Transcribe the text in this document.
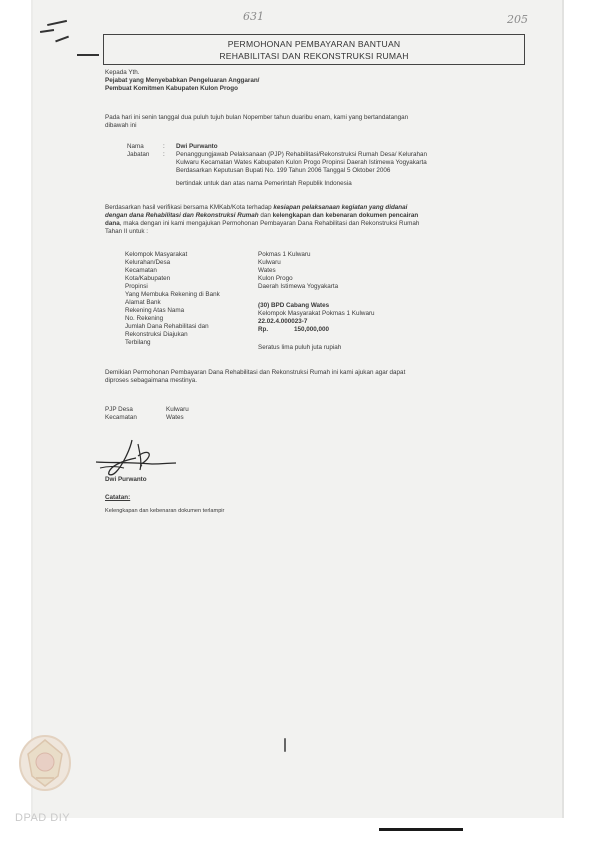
631	205
PERMOHONAN PEMBAYARAN BANTUAN
REHABILITASI DAN REKONSTRUKSI RUMAH
Kepada Yth.
Pejabat yang Menyebabkan Pengeluaran Anggaran/
Pembuat Komitmen Kabupaten Kulon Progo
Pada hari ini senin tanggal dua puluh tujuh bulan Nopember tahun duaribu enam, kami yang bertandatangan
dibawah ini
Nama	: Dwi Purwanto
Jabatan : Penanggungjawab Pelaksanaan (PJP) Rehabilitasi/Rekonstruksi Rumah Desa/ Kelurahan
Kulwaru Kecamatan Wates Kabupaten Kulon Progo Propinsi Daerah Istimewa Yogyakarta
Berdasarkan Keputusan Bupati No. 199 Tahun 2006 Tanggal 5 Oktober 2006
bertindak untuk dan atas nama Pemerintah Republik Indonesia
Berdasarkan hasil verifikasi bersama KMKab/Kota terhadap kesiapan pelaksanaan kegiatan yang didanai
dengan dana Rehabilitasi dan Rekonstruksi Rumah dan kelengkapan dan kebenaran dokumen pencairan
dana, maka dengan ini kami mengajukan Permohonan Pembayaran Dana Rehabilitasi dan Rekonstruksi Rumah
Tahan II untuk :
Kelompok Masyarakat	Pokmas 1 Kulwaru
Kelurahan/Desa	Kulwaru
Kecamatan	Wates
Kota/Kabupaten	Kulon Progo
Propinsi	Daerah Istimewa Yogyakarta
Yang Membuka Rekening di Bank
Alamat Bank	(30) BPD Cabang Wates
Rekening Atas Nama	Kelompok Masyarakat Pokmas 1 Kulwaru
No. Rekening	22.02.4.000023-7
Jumlah Dana Rehabilitasi dan	Rp.	150,000,000
Rekonstruksi Diajukan
Terbilang
Seratus lima puluh juta rupiah
Demikian Permohonan Pembayaran Dana Rehabilitasi dan Rekonstruksi Rumah ini kami ajukan agar dapat
diproses sebagaimana mestinya.
PJP Desa	Kulwaru
Kecamatan	Wates
Dwi Purwanto
Catatan:
Kelengkapan dan kebenaran dokumen terlampir
DPAD DIY
